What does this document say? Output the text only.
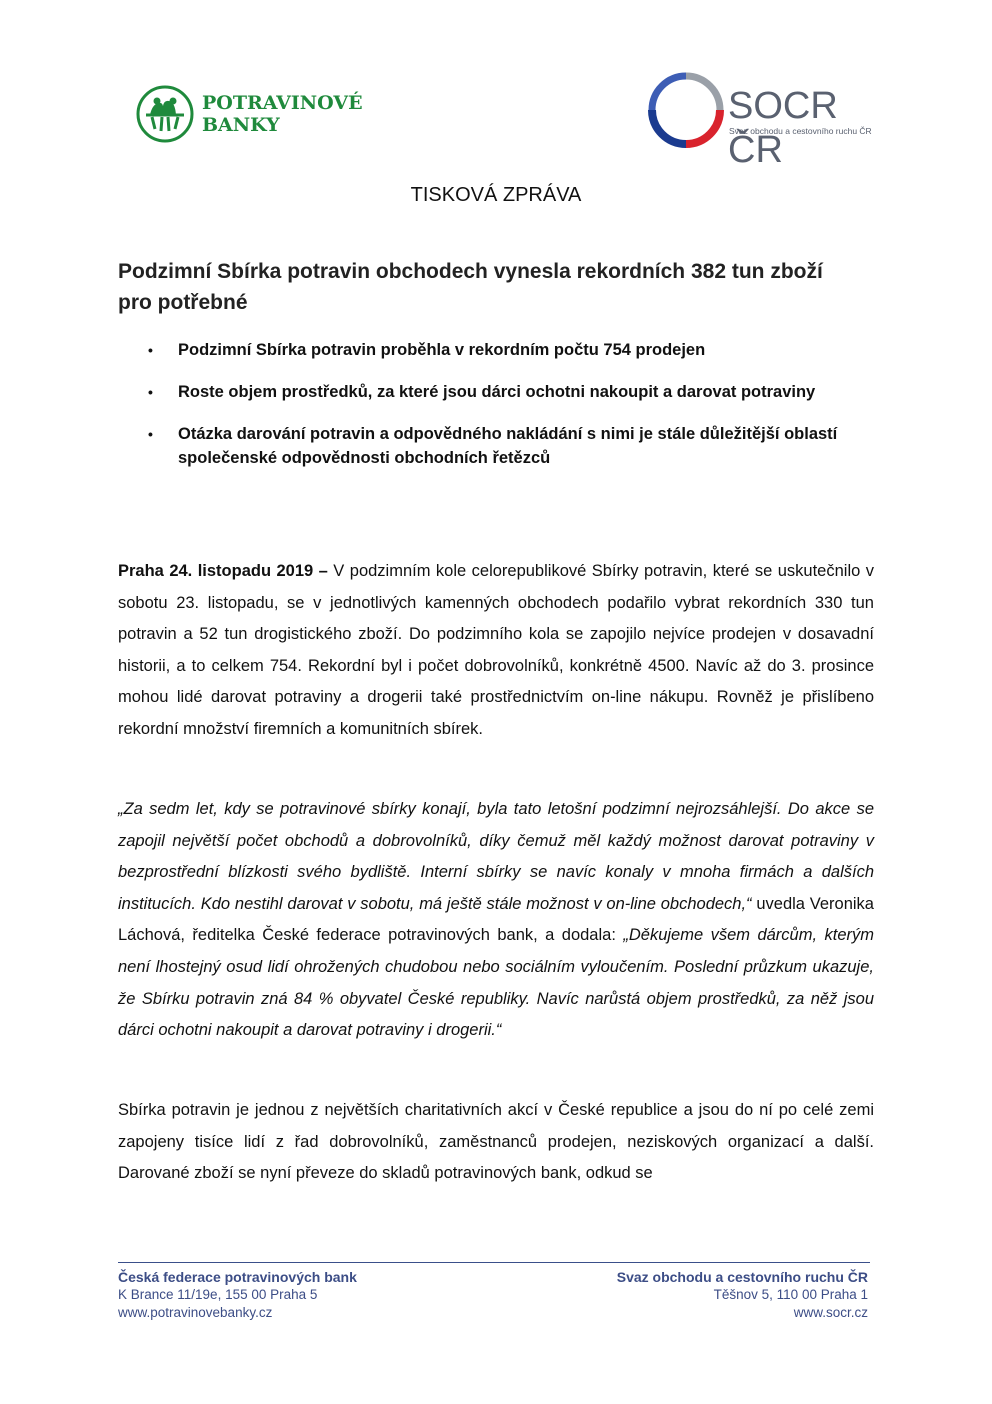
POTRAVINOVÉ
BANKY	SOCR ČR
Svaz obchodu a cestovního ruchu ČR
TISKOVÁ ZPRÁVA
Podzimní Sbírka potravin obchodech vynesla rekordních 382 tun zboží pro potřebné
• Podzimní Sbírka potravin proběhla v rekordním počtu 754 prodejen
• Roste objem prostředků, za které jsou dárci ochotni nakoupit a darovat potraviny
• Otázka darování potravin a odpovědného nakládání s nimi je stále důležitější oblastí společenské odpovědnosti obchodních řetězců

Praha 24. listopadu 2019 – V podzimním kole celorepublikové Sbírky potravin, které se uskutečnilo v sobotu 23. listopadu, se v jednotlivých kamenných obchodech podařilo vybrat rekordních 330 tun potravin a 52 tun drogistického zboží. Do podzimního kola se zapojilo nejvíce prodejen v dosavadní historii, a to celkem 754. Rekordní byl i počet dobrovolníků, konkrétně 4500. Navíc až do 3. prosince mohou lidé darovat potraviny a drogerii také prostřednictvím on-line nákupu. Rovněž je přislíbeno rekordní množství firemních a komunitních sbírek.

„Za sedm let, kdy se potravinové sbírky konají, byla tato letošní podzimní nejrozsáhlejší. Do akce se zapojil největší počet obchodů a dobrovolníků, díky čemuž měl každý možnost darovat potraviny v bezprostřední blízkosti svého bydliště. Interní sbírky se navíc konaly v mnoha firmách a dalších institucích. Kdo nestihl darovat v sobotu, má ještě stále možnost v on-line obchodech,“ uvedla Veronika Láchová, ředitelka České federace potravinových bank, a dodala: „Děkujeme všem dárcům, kterým není lhostejný osud lidí ohrožených chudobou nebo sociálním vyloučením. Poslední průzkum ukazuje, že Sbírku potravin zná 84 % obyvatel České republiky. Navíc narůstá objem prostředků, za něž jsou dárci ochotni nakoupit a darovat potraviny i drogerii.“

Sbírka potravin je jednou z největších charitativních akcí v České republice a jsou do ní po celé zemi zapojeny tisíce lidí z řad dobrovolníků, zaměstnanců prodejen, neziskových organizací a další. Darované zboží se nyní převeze do skladů potravinových bank, odkud se

Česká federace potravinových bank
K Brance 11/19e, 155 00 Praha 5
www.potravinovebanky.cz
Svaz obchodu a cestovního ruchu ČR
Těšnov 5, 110 00 Praha 1
www.socr.cz
